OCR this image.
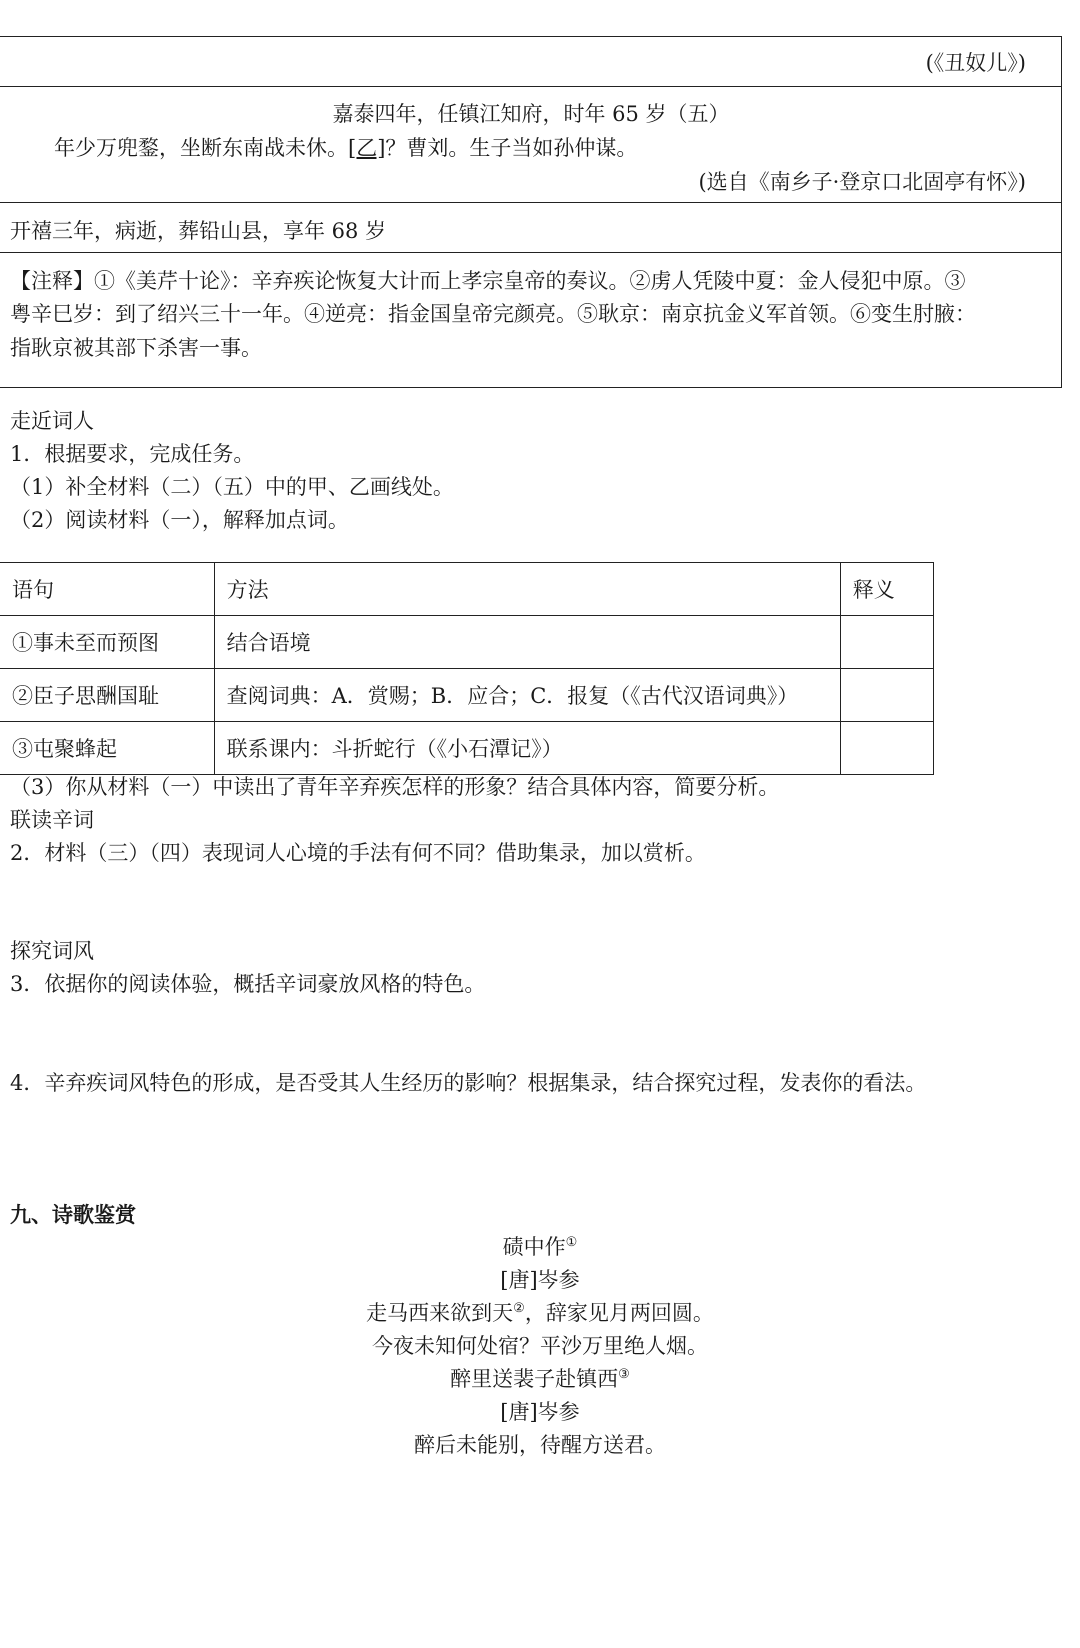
(《丑奴儿》)
嘉泰四年，任镇江知府，时年 65 岁（五）
年少万兜鍪，坐断东南战未休。[乙]？曹刘。生子当如孙仲谋。
(选自《南乡子·登京口北固亭有怀》)
开禧三年，病逝，葬铅山县，享年 68 岁
【注释】①《美芹十论》：辛弃疾论恢复大计而上孝宗皇帝的奏议。②虏人凭陵中夏：金人侵犯中原。③
粤辛巳岁：到了绍兴三十一年。④逆亮：指金国皇帝完颜亮。⑤耿京：南京抗金义军首领。⑥变生肘腋：
指耿京被其部下杀害一事。
走近词人
1．根据要求，完成任务。
（1）补全材料（二）（五）中的甲、乙画线处。
（2）阅读材料（一），解释加点词。
语句	方法	释义
①事未至而预图	结合语境	
②臣子思酬国耻	查阅词典：A．赏赐；B．应合；C．报复（《古代汉语词典》）	
③屯聚蜂起	联系课内：斗折蛇行（《小石潭记》）	
（3）你从材料（一）中读出了青年辛弃疾怎样的形象？结合具体内容，简要分析。
联读辛词
2．材料（三）（四）表现词人心境的手法有何不同？借助集录，加以赏析。
探究词风
3．依据你的阅读体验，概括辛词豪放风格的特色。
4．辛弃疾词风特色的形成，是否受其人生经历的影响？根据集录，结合探究过程，发表你的看法。
九、诗歌鉴赏
碛中作①
[唐]岑参
走马西来欲到天②，辞家见月两回圆。
今夜未知何处宿？平沙万里绝人烟。
醉里送裴子赴镇西③
[唐]岑参
醉后未能别，待醒方送君。
